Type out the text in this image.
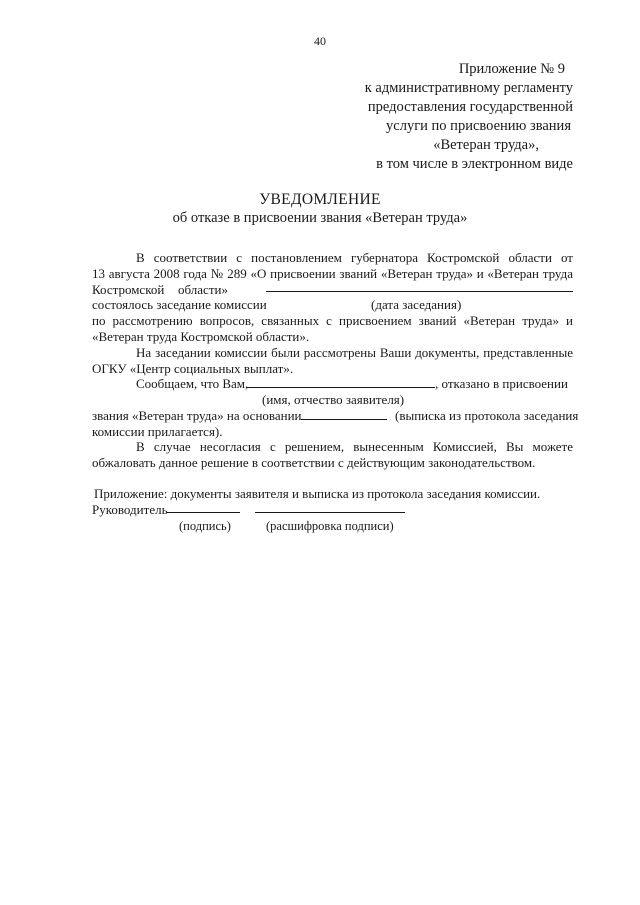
40
Приложение № 9
к административному регламенту
предоставления государственной
услуги по присвоению звания
«Ветеран труда»,
в том числе в электронном виде
УВЕДОМЛЕНИЕ
об отказе в присвоении звания «Ветеран труда»
В соответствии с постановлением губернатора Костромской области от
13 августа 2008 года № 289 «О присвоении званий «Ветеран труда» и «Ветеран труда
Костромской области»
состоялось заседание комиссии	(дата заседания)
по рассмотрению вопросов, связанных с присвоением званий «Ветеран труда» и
«Ветеран труда Костромской области».
На заседании комиссии были рассмотрены Ваши документы, представленные
ОГКУ «Центр социальных выплат».
Сообщаем, что Вам,	, отказано в присвоении
(имя, отчество заявителя)
звания «Ветеран труда» на основании	(выписка из протокола заседания
комиссии прилагается).
В случае несогласия с решением, вынесенным Комиссией, Вы можете
обжаловать данное решение в соответствии с действующим законодательством.
Приложение: документы заявителя и выписка из протокола заседания комиссии.
Руководитель
(подпись)	(расшифровка подписи)
